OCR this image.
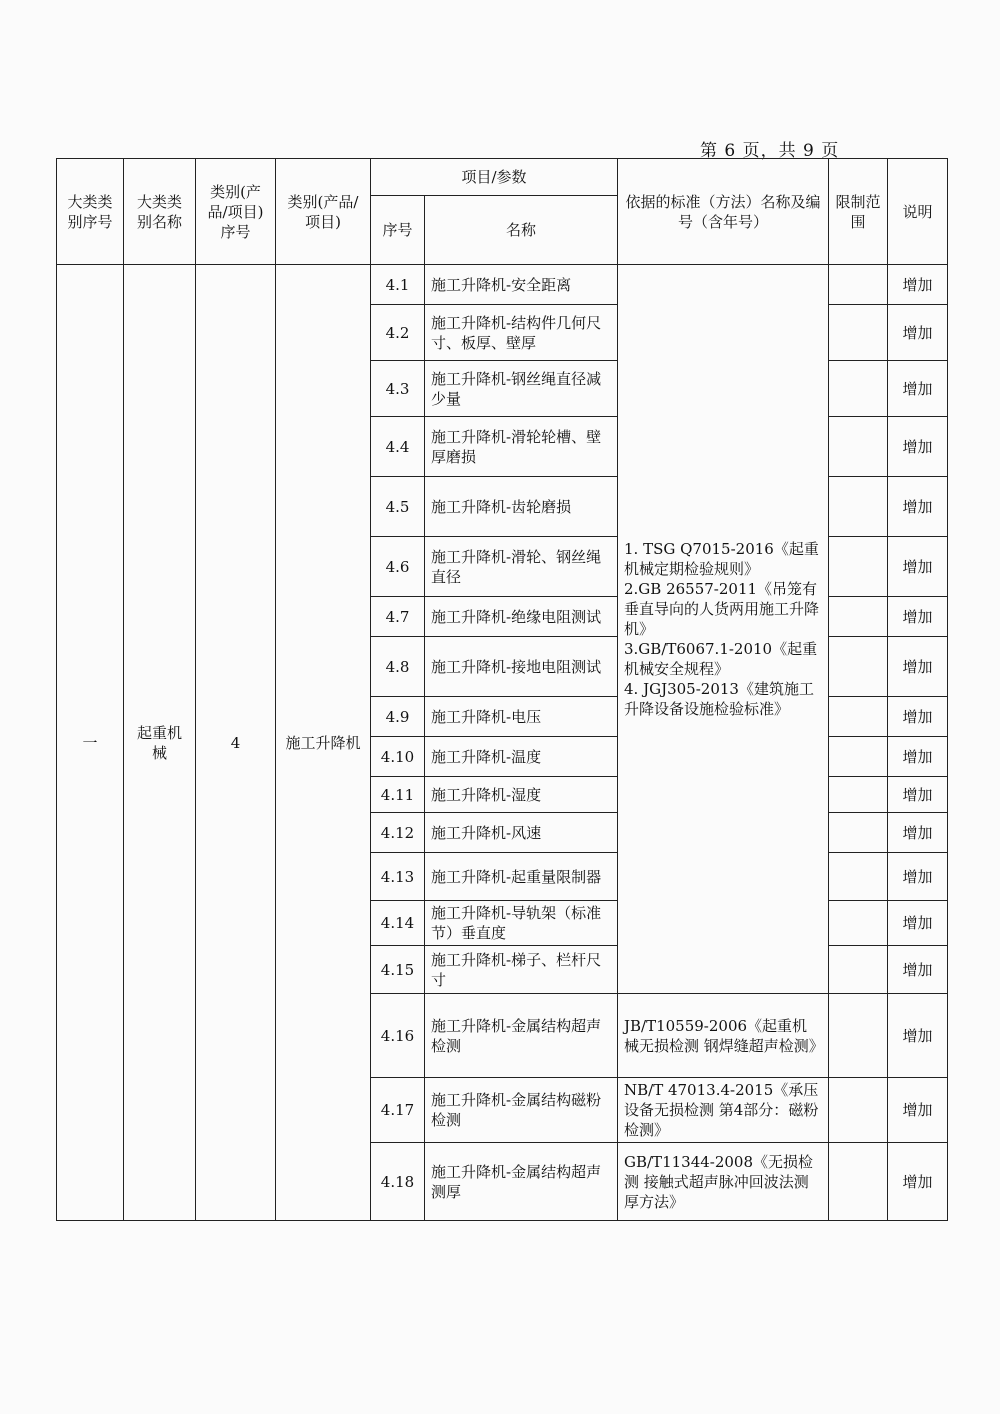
第 6 页，共 9 页
大类类别序号	大类类别名称	类别(产品/项目)序号	类别(产品/项目)	项目/参数		依据的标准（方法）名称及编号（含年号）	限制范围	说明
				序号	名称			
一	起重机械	4	施工升降机	4.1	施工升降机-安全距离	1. TSG Q7015-2016《起重机械定期检验规则》
2.GB 26557-2011《吊笼有垂直导向的人货两用施工升降机》
3.GB/T6067.1-2010《起重机械安全规程》
4. JGJ305-2013《建筑施工升降设备设施检验标准》		增加
				4.2	施工升降机-结构件几何尺寸、板厚、壁厚			增加
				4.3	施工升降机-钢丝绳直径减少量			增加
				4.4	施工升降机-滑轮轮槽、壁厚磨损			增加
				4.5	施工升降机-齿轮磨损			增加
				4.6	施工升降机-滑轮、钢丝绳直径			增加
				4.7	施工升降机-绝缘电阻测试			增加
				4.8	施工升降机-接地电阻测试			增加
				4.9	施工升降机-电压			增加
				4.10	施工升降机-温度			增加
				4.11	施工升降机-湿度			增加
				4.12	施工升降机-风速			增加
				4.13	施工升降机-起重量限制器			增加
				4.14	施工升降机-导轨架（标准节）垂直度			增加
				4.15	施工升降机-梯子、栏杆尺寸			增加
				4.16	施工升降机-金属结构超声检测	JB/T10559-2006《起重机械无损检测 钢焊缝超声检测》		增加
				4.17	施工升降机-金属结构磁粉检测	NB/T 47013.4-2015《承压设备无损检测 第4部分：磁粉检测》		增加
				4.18	施工升降机-金属结构超声测厚	GB/T11344-2008《无损检测 接触式超声脉冲回波法测厚方法》		增加
